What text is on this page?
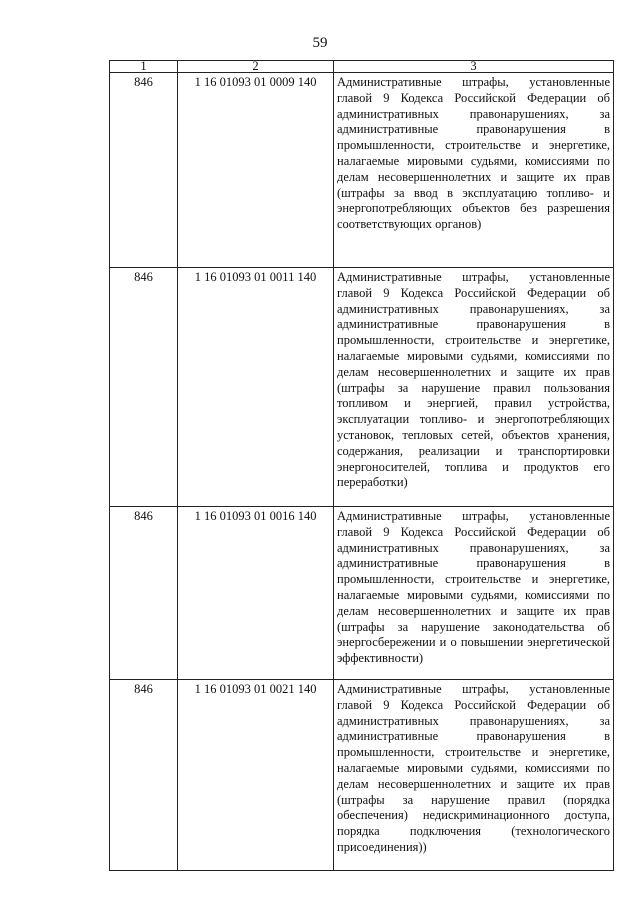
59
1	2	3
846	1 16 01093 01 0009 140	Административные штрафы, установленные главой 9 Кодекса Российской Федерации об административных правонарушениях, за административные правонарушения в промышленности, строительстве и энергетике, налагаемые мировыми судьями, комиссиями по делам несовершеннолетних и защите их прав (штрафы за ввод в эксплуатацию топливо- и энергопотребляющих объектов без разрешения соответствующих органов)
846	1 16 01093 01 0011 140	Административные штрафы, установленные главой 9 Кодекса Российской Федерации об административных правонарушениях, за административные правонарушения в промышленности, строительстве и энергетике, налагаемые мировыми судьями, комиссиями по делам несовершеннолетних и защите их прав (штрафы за нарушение правил пользования топливом и энергией, правил устройства, эксплуатации топливо- и энергопотребляющих установок, тепловых сетей, объектов хранения, содержания, реализации и транспортировки энергоносителей, топлива и продуктов его переработки)
846	1 16 01093 01 0016 140	Административные штрафы, установленные главой 9 Кодекса Российской Федерации об административных правонарушениях, за административные правонарушения в промышленности, строительстве и энергетике, налагаемые мировыми судьями, комиссиями по делам несовершеннолетних и защите их прав (штрафы за нарушение законодательства об энергосбережении и о повышении энергетической эффективности)
846	1 16 01093 01 0021 140	Административные штрафы, установленные главой 9 Кодекса Российской Федерации об административных правонарушениях, за административные правонарушения в промышленности, строительстве и энергетике, налагаемые мировыми судьями, комиссиями по делам несовершеннолетних и защите их прав (штрафы за нарушение правил (порядка обеспечения) недискриминационного доступа, порядка подключения (технологического присоединения))
